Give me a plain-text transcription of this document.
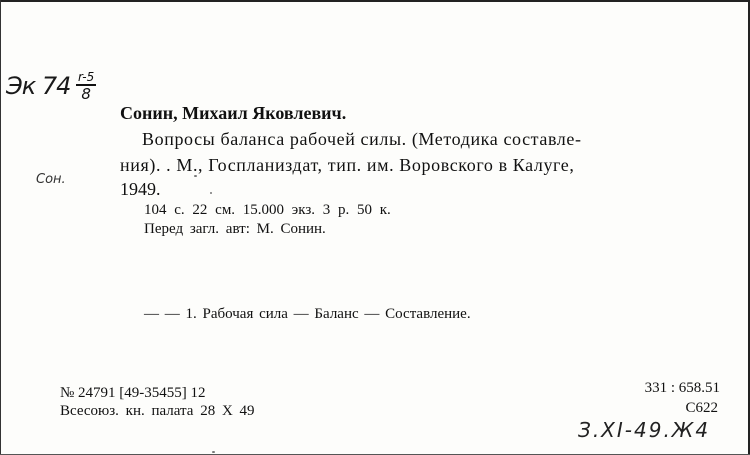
Эк 74 r-5
8
Сон.
Сонин, Михаил Яковлевич.
Вопросы баланса рабочей силы. (Методика составле-
ния). . М., Госпланиздат, тип. им. Воровского в Калуге,
1949.
104 с. 22 см. 15.000 экз. 3 р. 50 к.
Перед загл. авт: М. Сонин.
— — 1. Рабочая сила — Баланс — Составление.
№ 24791 [49-35455] 12
Всесоюз. кн. палата 28 X 49
331 : 658.51
С622
З.ХІ-49.Ж4
